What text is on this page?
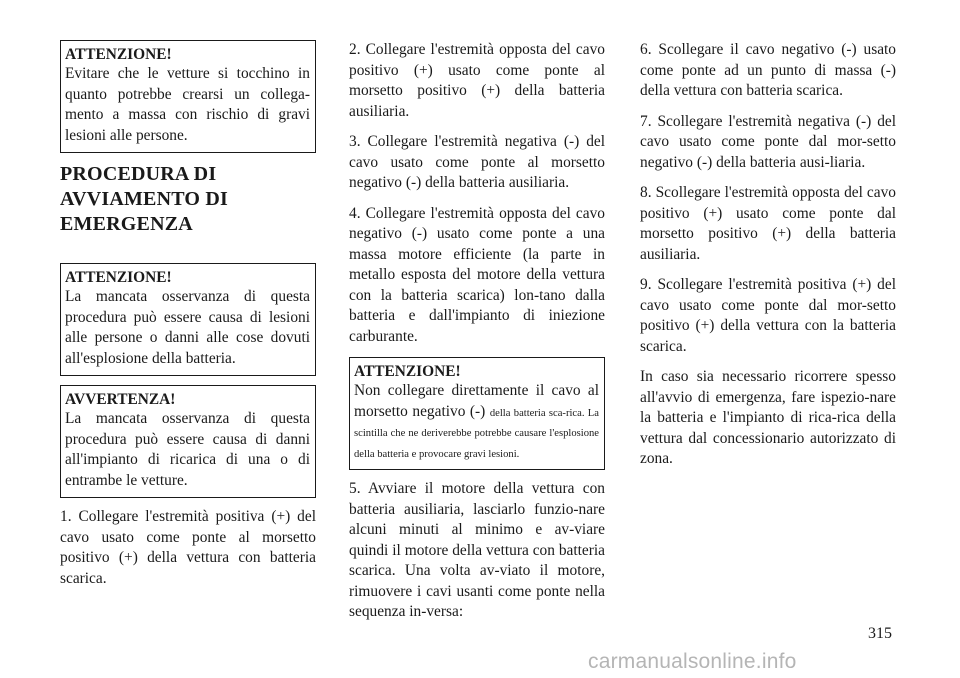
ATTENZIONE!
Evitare che le vetture si tocchino in quanto potrebbe crearsi un collega-mento a massa con rischio di gravi lesioni alle persone.
PROCEDURA DI AVVIAMENTO DI EMERGENZA
ATTENZIONE!
La mancata osservanza di questa procedura può essere causa di lesioni alle persone o danni alle cose dovuti all'esplosione della batteria.
AVVERTENZA!
La mancata osservanza di questa procedura può essere causa di danni all'impianto di ricarica di una o di entrambe le vetture.

1. Collegare l'estremità positiva (+) del cavo usato come ponte al morsetto positivo (+) della vettura con batteria scarica.

2. Collegare l'estremità opposta del cavo positivo (+) usato come ponte al morsetto positivo (+) della batteria ausiliaria.

3. Collegare l'estremità negativa (-) del cavo usato come ponte al morsetto negativo (-) della batteria ausiliaria.

4. Collegare l'estremità opposta del cavo negativo (-) usato come ponte a una massa motore efficiente (la parte in metallo esposta del motore della vettura con la batteria scarica) lon-tano dalla batteria e dall'impianto di iniezione carburante.

ATTENZIONE!
Non collegare direttamente il cavo al morsetto negativo (-) della batteria sca-rica. La scintilla che ne deriverebbe potrebbe causare l'esplosione della batteria e provocare gravi lesioni.

5. Avviare il motore della vettura con batteria ausiliaria, lasciarlo funzio-nare alcuni minuti al minimo e av-viare quindi il motore della vettura con batteria scarica. Una volta av-viato il motore, rimuovere i cavi usanti come ponte nella sequenza in-versa:

6. Scollegare il cavo negativo (-) usato come ponte ad un punto di massa (-) della vettura con batteria scarica.

7. Scollegare l'estremità negativa (-) del cavo usato come ponte dal mor-setto negativo (-) della batteria ausi-liaria.

8. Scollegare l'estremità opposta del cavo positivo (+) usato come ponte dal morsetto positivo (+) della batteria ausiliaria.

9. Scollegare l'estremità positiva (+) del cavo usato come ponte dal mor-setto positivo (+) della vettura con la batteria scarica.

In caso sia necessario ricorrere spesso all'avvio di emergenza, fare ispezio-nare la batteria e l'impianto di rica-rica della vettura dal concessionario autorizzato di zona.

315
carmanualsonline.info
